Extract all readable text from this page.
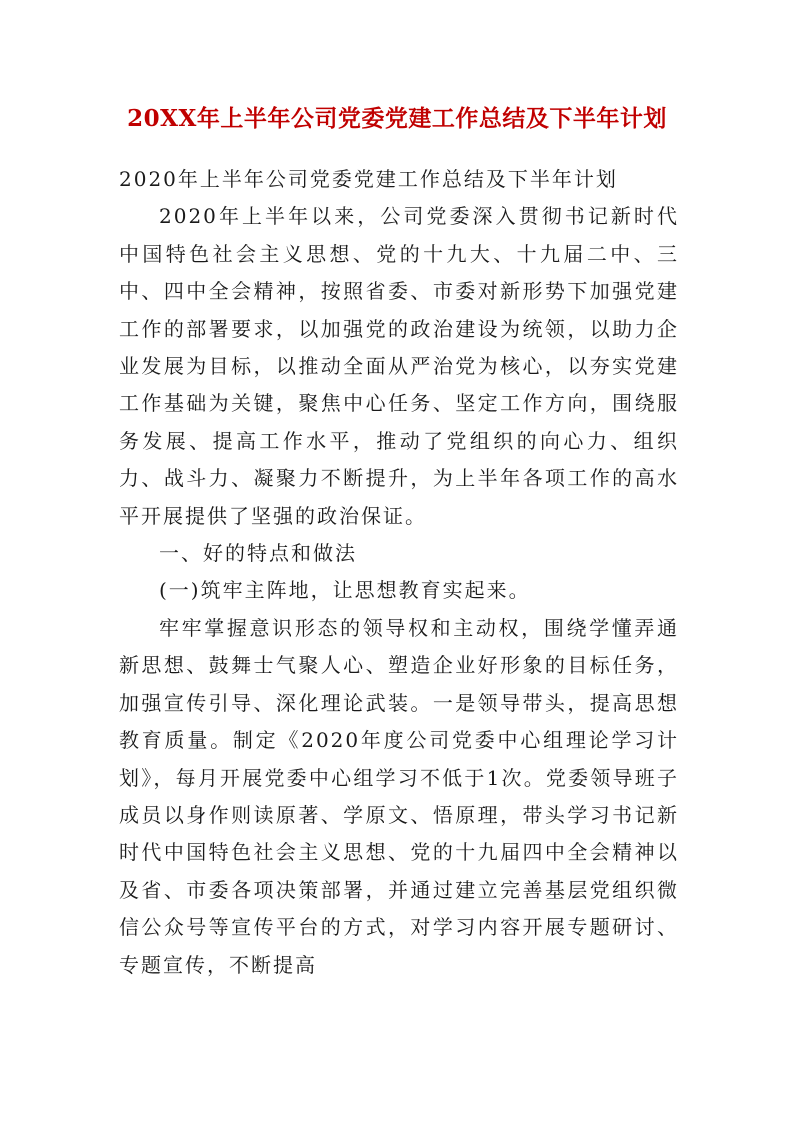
20XX年上半年公司党委党建工作总结及下半年计划

2020年上半年公司党委党建工作总结及下半年计划

2020年上半年以来，公司党委深入贯彻书记新时代中国特色社会主义思想、党的十九大、十九届二中、三中、四中全会精神，按照省委、市委对新形势下加强党建工作的部署要求，以加强党的政治建设为统领，以助力企业发展为目标，以推动全面从严治党为核心，以夯实党建工作基础为关键，聚焦中心任务、坚定工作方向，围绕服务发展、提高工作水平，推动了党组织的向心力、组织力、战斗力、凝聚力不断提升，为上半年各项工作的高水平开展提供了坚强的政治保证。

一、好的特点和做法

(一)筑牢主阵地，让思想教育实起来。

牢牢掌握意识形态的领导权和主动权，围绕学懂弄通新思想、鼓舞士气聚人心、塑造企业好形象的目标任务，加强宣传引导、深化理论武装。一是领导带头，提高思想教育质量。制定《2020年度公司党委中心组理论学习计划》，每月开展党委中心组学习不低于1次。党委领导班子成员以身作则读原著、学原文、悟原理，带头学习书记新时代中国特色社会主义思想、党的十九届四中全会精神以及省、市委各项决策部署，并通过建立完善基层党组织微信公众号等宣传平台的方式，对学习内容开展专题研讨、专题宣传，不断提高
